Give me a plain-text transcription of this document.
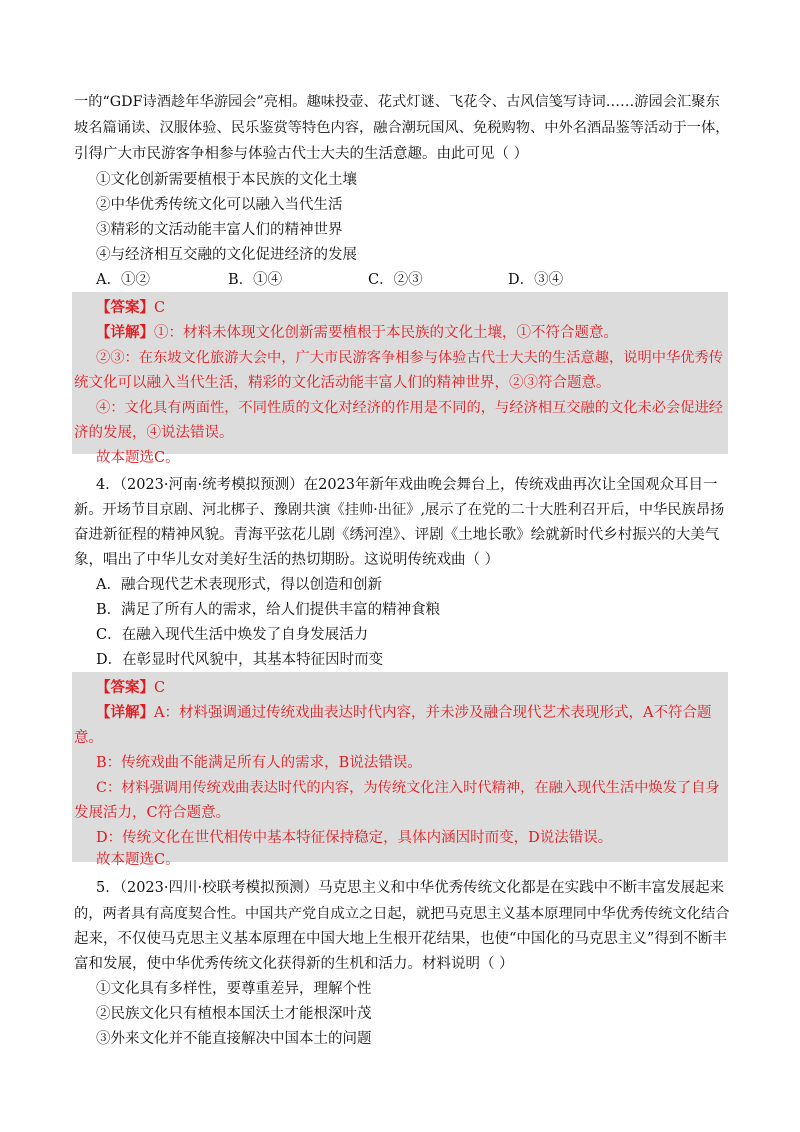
一的“GDF诗酒趁年华游园会”亮相。趣味投壶、花式灯谜、飞花令、古风信笺写诗词……游园会汇聚东
坡名篇诵读、汉服体验、民乐鉴赏等特色内容，融合潮玩国风、免税购物、中外名酒品鉴等活动于一体，
引得广大市民游客争相参与体验古代士大夫的生活意趣。由此可见（ ）
①文化创新需要植根于本民族的文化土壤
②中华优秀传统文化可以融入当代生活
③精彩的文活动能丰富人们的精神世界
④与经济相互交融的文化促进经济的发展
A．①②	B．①④	C．②③	D．③④
【答案】C
【详解】①：材料未体现文化创新需要植根于本民族的文化土壤，①不符合题意。
②③：在东坡文化旅游大会中，广大市民游客争相参与体验古代士大夫的生活意趣，说明中华优秀传
统文化可以融入当代生活，精彩的文化活动能丰富人们的精神世界，②③符合题意。
④：文化具有两面性，不同性质的文化对经济的作用是不同的，与经济相互交融的文化未必会促进经
济的发展，④说法错误。
故本题选C。
4．（2023·河南·统考模拟预测）在2023年新年戏曲晚会舞台上，传统戏曲再次让全国观众耳目一
新。开场节目京剧、河北梆子、豫剧共演《挂帅·出征》,展示了在党的二十大胜利召开后，中华民族昂扬
奋进新征程的精神风貌。青海平弦花儿剧《绣河湟》、评剧《土地长歌》绘就新时代乡村振兴的大美气
象，唱出了中华儿女对美好生活的热切期盼。这说明传统戏曲（ ）
A．融合现代艺术表现形式，得以创造和创新
B．满足了所有人的需求，给人们提供丰富的精神食粮
C．在融入现代生活中焕发了自身发展活力
D．在彰显时代风貌中，其基本特征因时而变
【答案】C
【详解】A：材料强调通过传统戏曲表达时代内容，并未涉及融合现代艺术表现形式，A不符合题
意。
B：传统戏曲不能满足所有人的需求，B说法错误。
C：材料强调用传统戏曲表达时代的内容，为传统文化注入时代精神，在融入现代生活中焕发了自身
发展活力，C符合题意。
D：传统文化在世代相传中基本特征保持稳定，具体内涵因时而变，D说法错误。
故本题选C。
5．（2023·四川·校联考模拟预测）马克思主义和中华优秀传统文化都是在实践中不断丰富发展起来
的，两者具有高度契合性。中国共产党自成立之日起，就把马克思主义基本原理同中华优秀传统文化结合
起来，不仅使马克思主义基本原理在中国大地上生根开花结果，也使“中国化的马克思主义”得到不断丰
富和发展，使中华优秀传统文化获得新的生机和活力。材料说明（ ）
①文化具有多样性，要尊重差异，理解个性
②民族文化只有植根本国沃土才能根深叶茂
③外来文化并不能直接解决中国本土的问题
